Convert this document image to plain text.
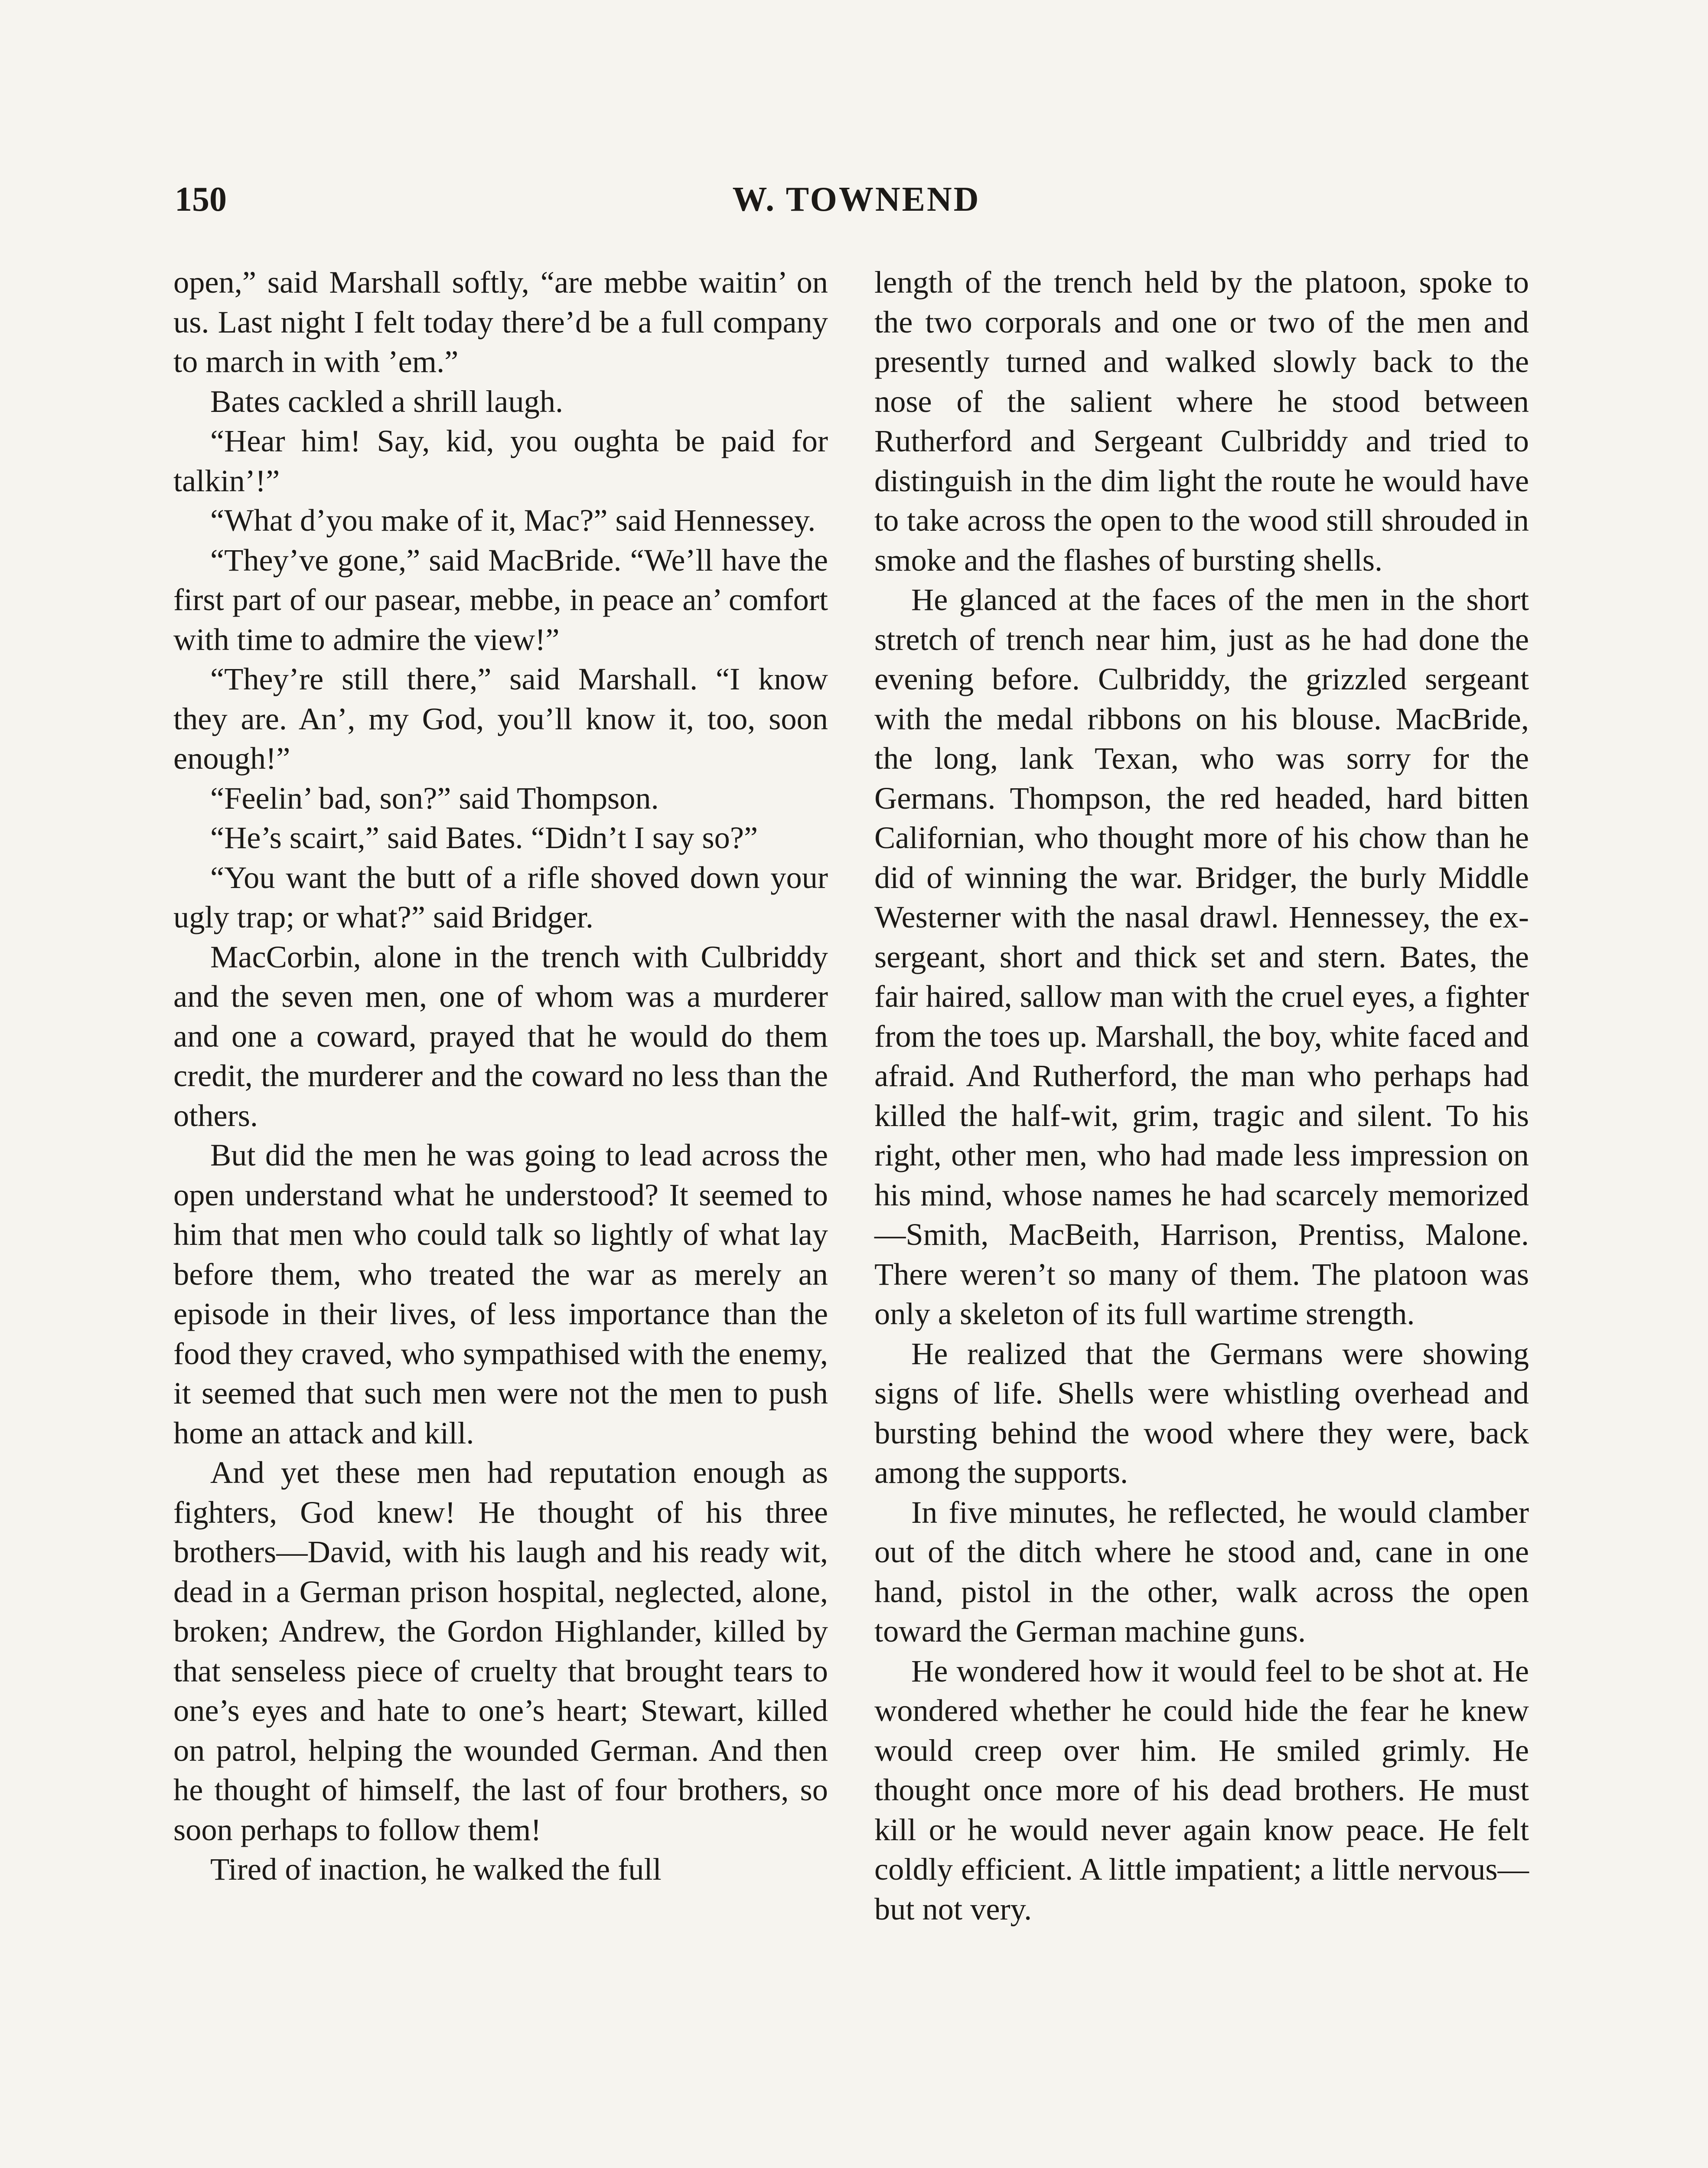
150	W. TOWNEND

open,” said Marshall softly, “are mebbe waitin’ on us. Last night I felt today there’d be a full company to march in with ’em.”

Bates cackled a shrill laugh.

“Hear him! Say, kid, you oughta be paid for talkin’!”

“What d’you make of it, Mac?” said Hennessey.

“They’ve gone,” said MacBride. “We’ll have the first part of our pasear, mebbe, in peace an’ comfort with time to admire the view!”

“They’re still there,” said Marshall. “I know they are. An’, my God, you’ll know it, too, soon enough!”

“Feelin’ bad, son?” said Thompson.

“He’s scairt,” said Bates. “Didn’t I say so?”

“You want the butt of a rifle shoved down your ugly trap; or what?” said Bridger.

MacCorbin, alone in the trench with Culbriddy and the seven men, one of whom was a murderer and one a coward, prayed that he would do them credit, the murderer and the coward no less than the others.

But did the men he was going to lead across the open understand what he understood? It seemed to him that men who could talk so lightly of what lay before them, who treated the war as merely an episode in their lives, of less importance than the food they craved, who sympathised with the enemy, it seemed that such men were not the men to push home an attack and kill.

And yet these men had reputation enough as fighters, God knew! He thought of his three brothers—David, with his laugh and his ready wit, dead in a German prison hospital, neglected, alone, broken; Andrew, the Gordon Highlander, killed by that senseless piece of cruelty that brought tears to one’s eyes and hate to one’s heart; Stewart, killed on patrol, helping the wounded German. And then he thought of himself, the last of four brothers, so soon perhaps to follow them!

Tired of inaction, he walked the full

length of the trench held by the platoon, spoke to the two corporals and one or two of the men and presently turned and walked slowly back to the nose of the salient where he stood between Rutherford and Sergeant Culbriddy and tried to distinguish in the dim light the route he would have to take across the open to the wood still shrouded in smoke and the flashes of bursting shells.

He glanced at the faces of the men in the short stretch of trench near him, just as he had done the evening before. Culbriddy, the grizzled sergeant with the medal ribbons on his blouse. MacBride, the long, lank Texan, who was sorry for the Germans. Thompson, the red headed, hard bitten Californian, who thought more of his chow than he did of winning the war. Bridger, the burly Middle Westerner with the nasal drawl. Hennessey, the ex-sergeant, short and thick set and stern. Bates, the fair haired, sallow man with the cruel eyes, a fighter from the toes up. Marshall, the boy, white faced and afraid. And Rutherford, the man who perhaps had killed the half-wit, grim, tragic and silent. To his right, other men, who had made less impression on his mind, whose names he had scarcely memorized—Smith, MacBeith, Harrison, Prentiss, Malone. There weren’t so many of them. The platoon was only a skeleton of its full wartime strength.

He realized that the Germans were showing signs of life. Shells were whistling overhead and bursting behind the wood where they were, back among the supports.

In five minutes, he reflected, he would clamber out of the ditch where he stood and, cane in one hand, pistol in the other, walk across the open toward the German machine guns.

He wondered how it would feel to be shot at. He wondered whether he could hide the fear he knew would creep over him. He smiled grimly. He thought once more of his dead brothers. He must kill or he would never again know peace. He felt coldly efficient. A little impatient; a little nervous—but not very.
